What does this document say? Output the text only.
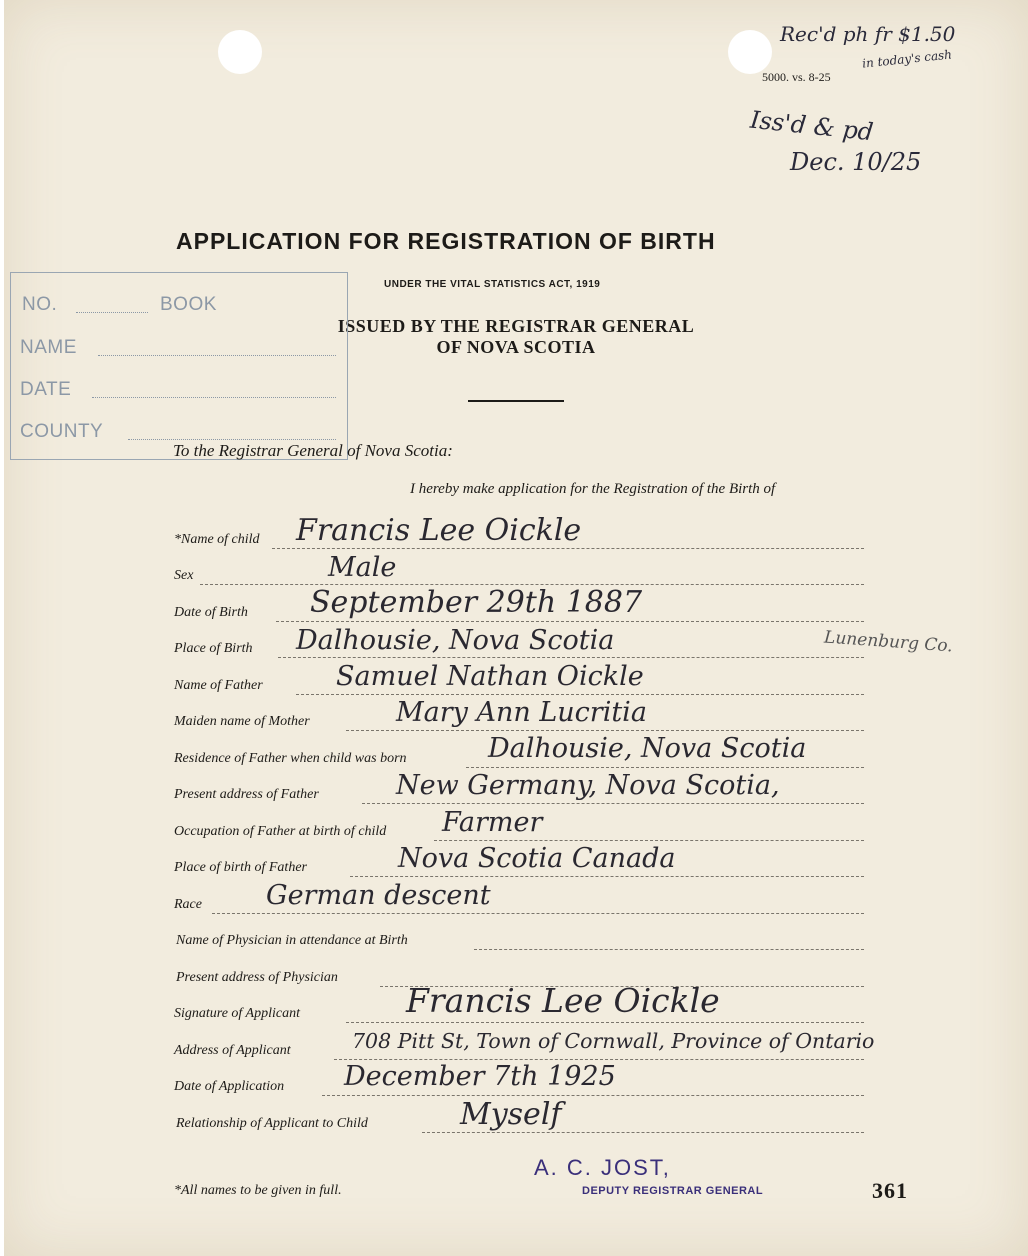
Rec'd ph fr $1.50
in today's cash
5000. vs. 8-25
Iss'd & pd
Dec. 10/25
APPLICATION FOR REGISTRATION OF BIRTH
UNDER THE VITAL STATISTICS ACT, 1919
ISSUED BY THE REGISTRAR GENERAL
OF NOVA SCOTIA
NO.	BOOK
NAME
DATE
COUNTY
To the Registrar General of Nova Scotia:
I hereby make application for the Registration of the Birth of
*Name of child Francis Lee Oickle
Sex	Male
Date of Birth September 29th 1887
Place of Birth Dalhousie, Nova Scotia	Lunenburg Co.
Name of Father	Samuel Nathan Oickle
Maiden name of Mother	Mary Ann Lucritia
Residence of Father when child was born	Dalhousie, Nova Scotia
Present address of Father	New Germany, Nova Scotia,
Occupation of Father at birth of child Farmer
Place of birth of Father	Nova Scotia Canada
Race German descent
Name of Physician in attendance at Birth
Present address of Physician
Signature of Applicant	Francis Lee Oickle
Address of Applicant	708 Pitt St, Town of Cornwall, Province of Ontario
Date of Application December 7th 1925
Relationship of Applicant to Child	Myself
*All names to be given in full.
A. C. JOST,
DEPUTY REGISTRAR GENERAL	361
